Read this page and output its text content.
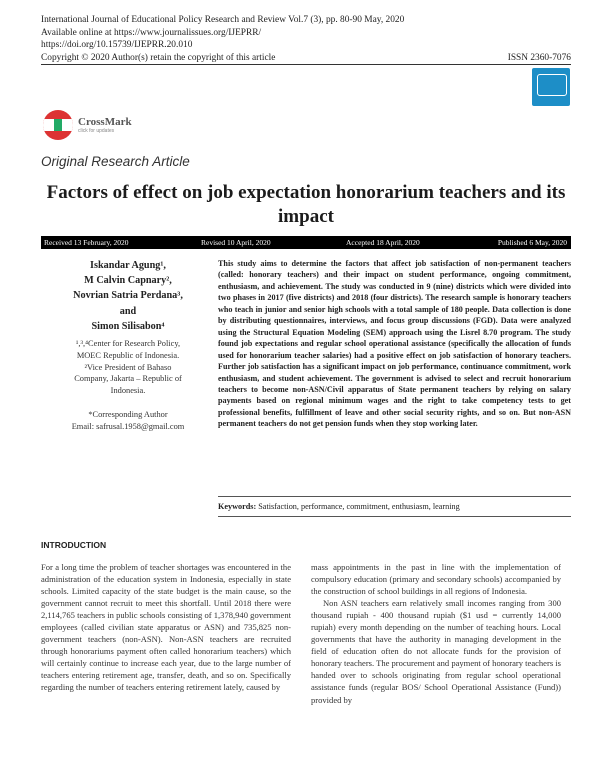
International Journal of Educational Policy Research and Review Vol.7 (3), pp. 80-90 May, 2020
Available online at https://www.journalissues.org/IJEPRR/
https://doi.org/10.15739/IJEPRR.20.010
Copyright © 2020 Author(s) retain the copyright of this article	ISSN 2360-7076
CrossMark
click for updates
Original Research Article
Factors of effect on job expectation honorarium teachers and its impact
Received 13 February, 2020	Revised 10 April, 2020	Accepted 18 April, 2020	Published 6 May, 2020
Iskandar Agung¹,
M Calvin Capnary²,
Novrian Satria Perdana³,
and
Simon Silisabon⁴
¹,³,⁴Center for Research Policy,
MOEC Republic of Indonesia.
²Vice President of Bahaso
Company, Jakarta – Republic of
Indonesia.
*Corresponding Author
Email: safrusal.1958@gmail.com
This study aims to determine the factors that affect job satisfaction of non-permanent teachers (called: honorary teachers) and their impact on student performance, ongoing commitment, enthusiasm, and achievement. The study was conducted in 9 (nine) districts which were divided into two phases in 2017 (five districts) and 2018 (four districts). The research sample is honorary teachers who teach in junior and senior high schools with a total sample of 180 people. Data collection is done by distributing questionnaires, interviews, and focus group discussions (FGD). Data were analyzed using the Structural Equation Modeling (SEM) approach using the Lisrel 8.70 program. The study found job expectations and regular school operational assistance (specifically the allocation of funds used for honorarium teacher salaries) had a positive effect on job satisfaction of honorary teachers. Further job satisfaction has a significant impact on job performance, continuance commitment, work enthusiasm, and student achievement. The government is advised to select and recruit honorarium teachers to become non-ASN/Civil apparatus of State permanent teachers by relying on salary payments based on regional minimum wages and the right to take competency tests to get professional benefits, fulfillment of leave and other social security rights, and so on. But non-ASN permanent teachers do not get pension funds when they stop working later.
Keywords: Satisfaction, performance, commitment, enthusiasm, learning
INTRODUCTION

For a long time the problem of teacher shortages was encountered in the administration of the education system in Indonesia, especially in state schools. Limited capacity of the state budget is the main cause, so the government cannot recruit to meet this shortfall. Until 2018 there were 2,114,765 teachers in public schools consisting of 1,378,940 government employees (called civilian state apparatus or ASN) and 735,825 non-government teachers (non-ASN). Non-ASN teachers are recruited through honorariums payment often called honorarium teachers) which will certainly continue to increase each year, due to the large number of teachers entering retirement age, transfer, death, and so on. Specifically regarding the number of teachers entering retirement lately, caused by

mass appointments in the past in line with the implementation of compulsory education (primary and secondary schools) accompanied by the construction of school buildings in all regions of Indonesia.

Non ASN teachers earn relatively small incomes ranging from 300 thousand rupiah - 400 thousand rupiah ($1 usd = currently 14,000 rupiah) every month depending on the number of teaching hours. Local governments that have the authority in managing development in the field of education often do not allocate funds for the provision of honorary teachers. The procurement and payment of honorary teachers is handed over to schools originating from regular school operational assistance funds (regular BOS/ School Operational Assistance (Fund)) provided by
